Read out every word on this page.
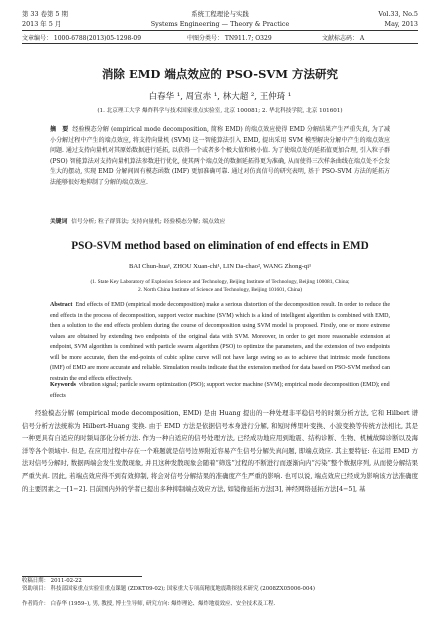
第 33 卷第 5 期	系统工程理论与实践	Vol.33, No.5
2013 年 5 月	Systems Engineering — Theory & Practice	May, 2013
文章编号： 1000-6788(2013)05-1298-09	中图分类号： TN911.7; O329	文献标志码： A
消除 EMD 端点效应的 PSO-SVM 方法研究
白春华 ¹, 周宣赤 ¹, 林大超 ², 王仲琦 ¹
(1. 北京理工大学 爆炸科学与技术国家重点实验室, 北京 100081; 2. 华北科技学院, 北京 101601)
摘　要 经验模态分解 (empirical mode decomposition, 简称 EMD) 的端点效应使得 EMD 分解结果产生严重失真, 为了减小分解过程中产生的端点效应, 将支持向量机 (SVM) 这一智能算法引入 EMD, 提出采用 SVM 模型解决分解中产生的端点效应问题. 通过支持向量机对其原始数据进行延拓, 以获得一个或者多个极大值和极小值. 为了使端点处的延拓值更加合理, 引入粒子群 (PSO) 智能算法对支持向量机算法参数进行优化, 使其两个端点处的数据延拓得更为准确, 从而使得三次样条曲线在端点处不会发生大的摆动, 实现 EMD 分解间固有模态函数 (IMF) 更加准确可靠. 通过对仿真信号的研究表明, 基于 PSO-SVM 方法的延拓方法能够很好地抑制了分解的端点效应.
关键词 信号分析; 粒子群算法; 支持向量机; 经验模态分解; 端点效应
PSO-SVM method based on elimination of end effects in EMD
BAI Chun-hua¹, ZHOU Xuan-chi¹, LIN Da-chao², WANG Zhong-qi¹
(1. State Key Laboratory of Explosion Science and Technology, Beijing Institute of Technology, Beijing 100081, China;
2. North China Institute of Science and Technology, Beijing 101601, China)
Abstract End effects of EMD (empirical mode decomposition) make a serious distortion of the decomposition result. In order to reduce the end effects in the process of decomposition, support vector machine (SVM) which is a kind of intelligent algorithm is combined with EMD, then a solution to the end effects problem during the course of decomposition using SVM model is proposed. Firstly, one or more extreme values are obtained by extending two endpoints of the original data with SVM. Moreover, in order to get more reasonable extension at endpoint, SVM algorithm is combined with particle swarm algorithm (PSO) to optimize the parameters, and the extension of two endpoints will be more accurate, then the end-points of cubic spline curve will not have large swing so as to achieve that intrinsic mode functions (IMF) of EMD are more accurate and reliable. Simulation results indicate that the extension method for data based on PSO-SVM method can restrain the end effects effectively.
Keywords vibration signal; particle swarm optimization (PSO); support vector machine (SVM); empirical mode decomposition (EMD); end effects
经验模态分解 (empirical mode decomposition, EMD) 是由 Huang 提出的一种处理非平稳信号的时频分析方法, 它和 Hilbert 谱信号分析方法统称为 Hilbert-Huang 变换. 由于 EMD 方法是依据信号本身进行分解, 和短时傅里叶变换、小波变换等传统方法相比, 其是一种更具有自适应的时频局部化分析方法. 作为一种自适应的信号处理方法, 已经成功地应用到地震、结构诊断、生物、机械故障诊断以及海洋等各个领域中. 但是, 在应用过程中存在一个难题就是信号边界附近容易产生信号分解失真问题, 即端点效应. 其主要特征: 在运用 EMD 方法对信号分解时, 数据两端会发生发散现象, 并且这种发散现象会随着“筛选”过程的不断进行而逐渐向内“污染”整个数据序列, 从而使分解结果严重失真. 因此, 若端点效应得不到有效抑制, 将会对信号分解结果的准确度产生严重的影响. 也可以说, 端点效应已经成为影响该方法准确度的主要因素之一[1−2]. 目前国内外的学者已提出多种抑制端点效应方法, 如镜像延拓方法[3], 神经网络延拓方法[4−5], 基
收稿日期： 2011-02-22
资助项目： 科技部国家重点实验室重点课题 (ZDKT09-02); 国家重大专项高精度地震勘探技术研究 (2008ZX05006-004)
作者简介： 白春华 (1959–), 男, 教授, 博士生导师, 研究方向: 爆炸理论、爆炸地震效应、安全技术及工程.
